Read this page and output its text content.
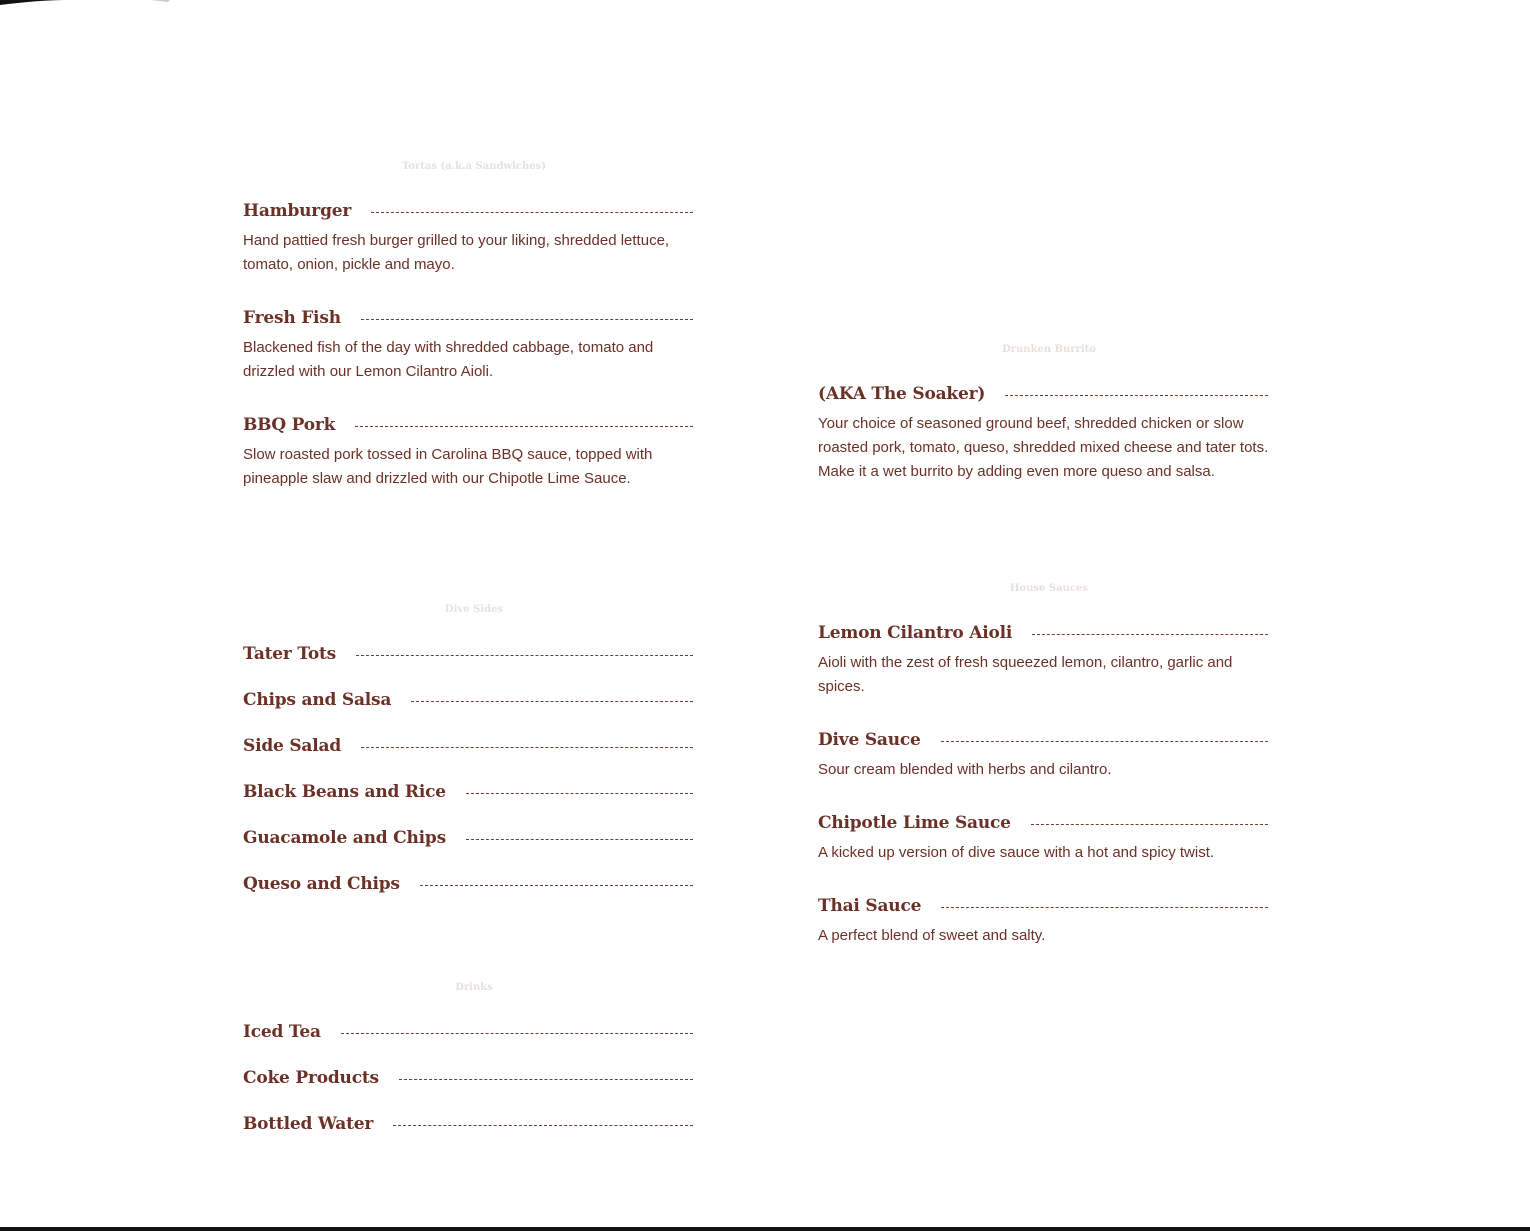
Tortas (a.k.a Sandwiches)
Hamburger
Hand pattied fresh burger grilled to your liking, shredded lettuce, tomato, onion, pickle and mayo.
Fresh Fish
Blackened fish of the day with shredded cabbage, tomato and drizzled with our Lemon Cilantro Aioli.
BBQ Pork
Slow roasted pork tossed in Carolina BBQ sauce, topped with pineapple slaw and drizzled with our Chipotle Lime Sauce.
Drunken Burrito
(AKA The Soaker)
Your choice of seasoned ground beef, shredded chicken or slow roasted pork, tomato, queso, shredded mixed cheese and tater tots. Make it a wet burrito by adding even more queso and salsa.
Dive Sides
Tater Tots
Chips and Salsa
Side Salad
Black Beans and Rice
Guacamole and Chips
Queso and Chips
House Sauces
Lemon Cilantro Aioli
Aioli with the zest of fresh squeezed lemon, cilantro, garlic and spices.
Dive Sauce
Sour cream blended with herbs and cilantro.
Chipotle Lime Sauce
A kicked up version of dive sauce with a hot and spicy twist.
Thai Sauce
A perfect blend of sweet and salty.
Drinks
Iced Tea
Coke Products
Bottled Water
